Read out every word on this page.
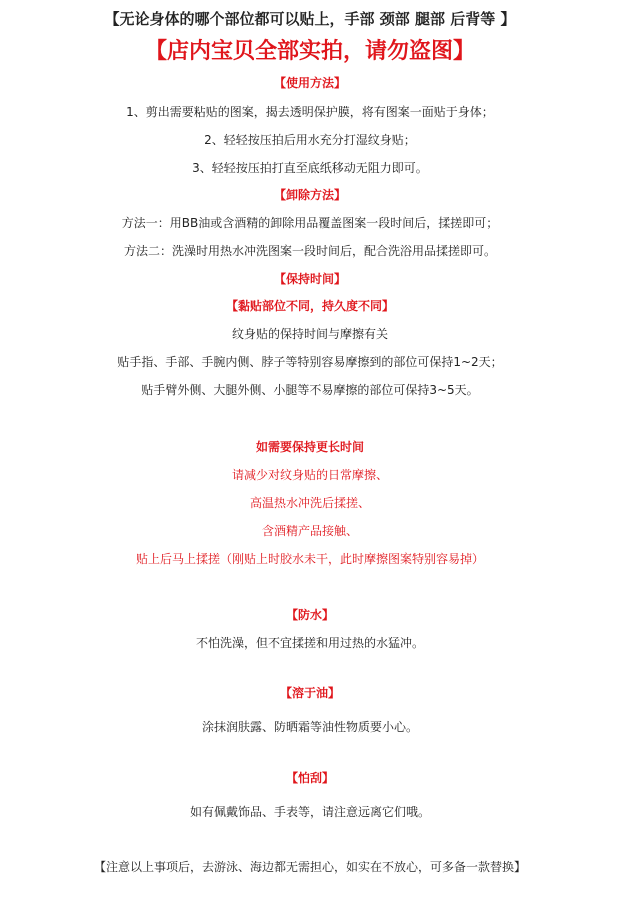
【无论身体的哪个部位都可以贴上，手部 颈部 腿部 后背等 】
【店内宝贝全部实拍，请勿盗图】
【使用方法】
1、剪出需要粘贴的图案，揭去透明保护膜，将有图案一面贴于身体；
2、轻轻按压拍后用水充分打湿纹身贴；
3、轻轻按压拍打直至底纸移动无阻力即可。
【卸除方法】
方法一：用BB油或含酒精的卸除用品覆盖图案一段时间后，揉搓即可；
方法二：洗澡时用热水冲洗图案一段时间后，配合洗浴用品揉搓即可。
【保持时间】
【黏贴部位不同，持久度不同】
纹身贴的保持时间与摩擦有关
贴手指、手部、手腕内侧、脖子等特别容易摩擦到的部位可保持1~2天；
贴手臂外侧、大腿外侧、小腿等不易摩擦的部位可保持3~5天。
如需要保持更长时间
请减少对纹身贴的日常摩擦、
高温热水冲洗后揉搓、
含酒精产品接触、
贴上后马上揉搓（刚贴上时胶水未干，此时摩擦图案特别容易掉）
【防水】
不怕洗澡，但不宜揉搓和用过热的水猛冲。
【溶于油】
涂抹润肤露、防晒霜等油性物质要小心。
【怕刮】
如有佩戴饰品、手表等，请注意远离它们哦。
【注意以上事项后，去游泳、海边都无需担心，如实在不放心，可多备一款替换】
